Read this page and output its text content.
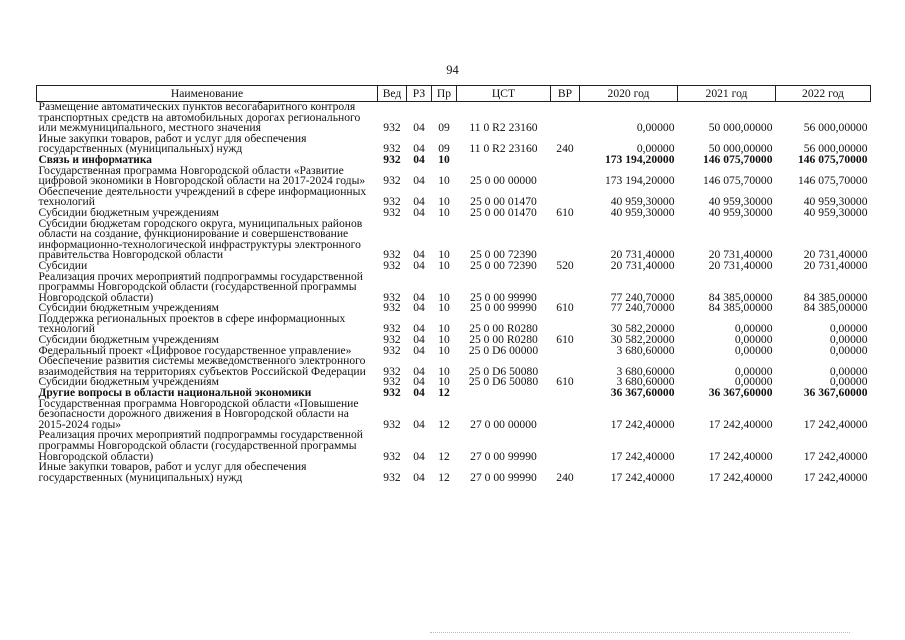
94
Наименование	Вед	РЗ	Пр	ЦСТ	ВР	2020 год	2021 год	2022 год
Размещение автоматических пунктов весогабаритного контроля транспортных средств на автомобильных дорогах регионального или межмуниципального, местного значения	932	04	09	11 0 R2 23160		0,00000	50 000,00000	56 000,00000
Иные закупки товаров, работ и услуг для обеспечения государственных (муниципальных) нужд	932	04	09	11 0 R2 23160	240	0,00000	50 000,00000	56 000,00000
Связь и информатика	932	04	10			173 194,20000	146 075,70000	146 075,70000
Государственная программа Новгородской области «Развитие цифровой экономики в Новгородской области на 2017-2024 годы»	932	04	10	25 0 00 00000		173 194,20000	146 075,70000	146 075,70000
Обеспечение деятельности учреждений в сфере информационных технологий	932	04	10	25 0 00 01470		40 959,30000	40 959,30000	40 959,30000
Субсидии бюджетным учреждениям	932	04	10	25 0 00 01470	610	40 959,30000	40 959,30000	40 959,30000
Субсидии бюджетам городского округа, муниципальных районов области на создание, функционирование и совершенствование информационно-технологической инфраструктуры электронного правительства Новгородской области	932	04	10	25 0 00 72390		20 731,40000	20 731,40000	20 731,40000
Субсидии	932	04	10	25 0 00 72390	520	20 731,40000	20 731,40000	20 731,40000
Реализация прочих мероприятий подпрограммы государственной программы Новгородской области (государственной программы Новгородской области)	932	04	10	25 0 00 99990		77 240,70000	84 385,00000	84 385,00000
Субсидии бюджетным учреждениям	932	04	10	25 0 00 99990	610	77 240,70000	84 385,00000	84 385,00000
Поддержка региональных проектов в сфере информационных технологий	932	04	10	25 0 00 R0280		30 582,20000	0,00000	0,00000
Субсидии бюджетным учреждениям	932	04	10	25 0 00 R0280	610	30 582,20000	0,00000	0,00000
Федеральный проект «Цифровое государственное управление»	932	04	10	25 0 D6 00000		3 680,60000	0,00000	0,00000
Обеспечение развития системы межведомственного электронного взаимодействия на территориях субъектов Российской Федерации	932	04	10	25 0 D6 50080		3 680,60000	0,00000	0,00000
Субсидии бюджетным учреждениям	932	04	10	25 0 D6 50080	610	3 680,60000	0,00000	0,00000
Другие вопросы в области национальной экономики	932	04	12			36 367,60000	36 367,60000	36 367,60000
Государственная программа Новгородской области «Повышение безопасности дорожного движения в Новгородской области на 2015-2024 годы»	932	04	12	27 0 00 00000		17 242,40000	17 242,40000	17 242,40000
Реализация прочих мероприятий подпрограммы государственной программы Новгородской области (государственной программы Новгородской области)	932	04	12	27 0 00 99990		17 242,40000	17 242,40000	17 242,40000
Иные закупки товаров, работ и услуг для обеспечения государственных (муниципальных) нужд	932	04	12	27 0 00 99990	240	17 242,40000	17 242,40000	17 242,40000
